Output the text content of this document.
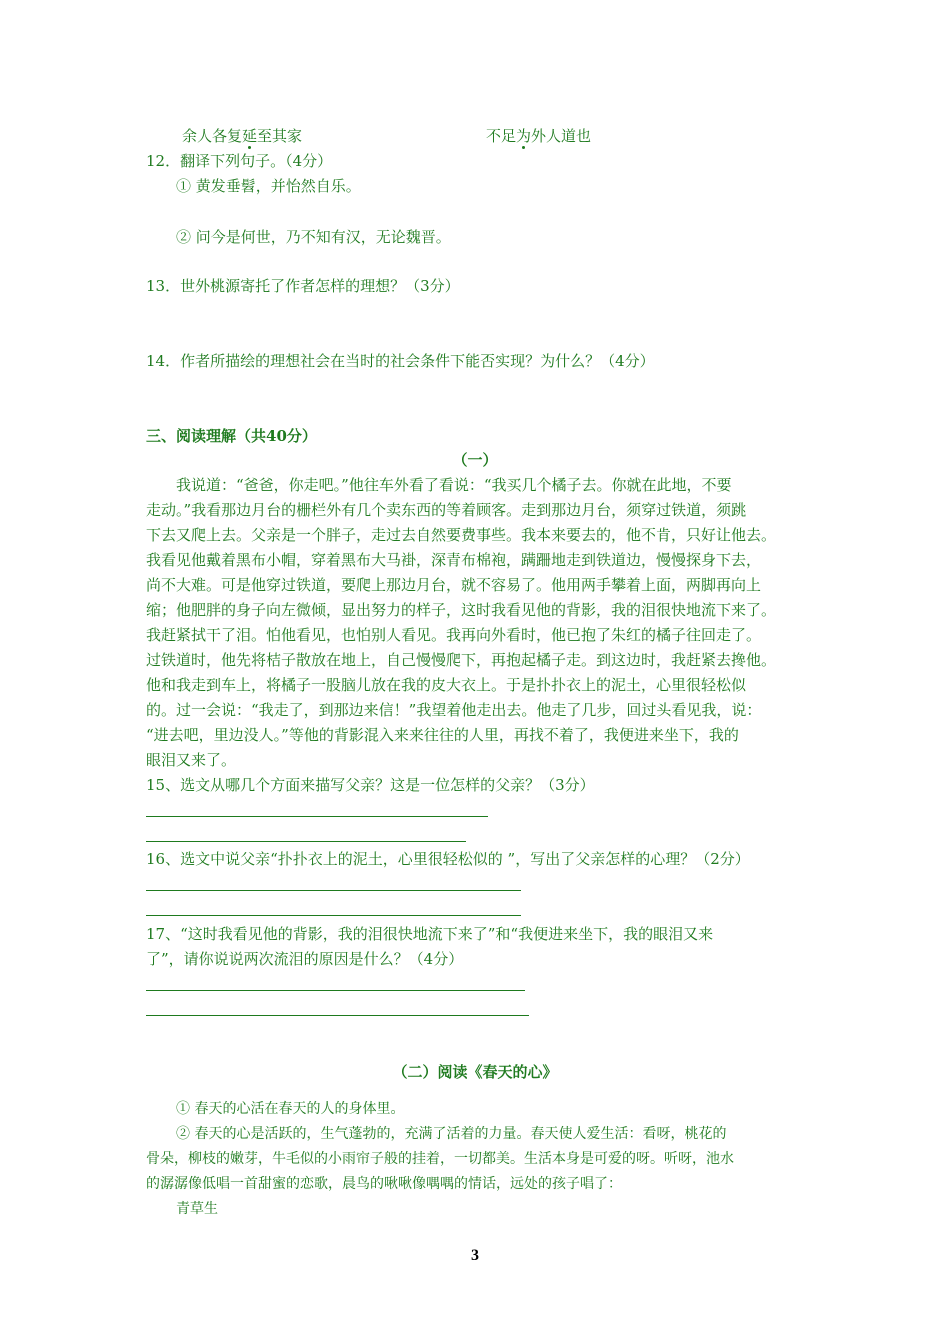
余人各复延至其家	不足为外人道也
12．翻译下列句子。（4分）
① 黄发垂髫，并怡然自乐。
② 问今是何世，乃不知有汉，无论魏晋。
13．世外桃源寄托了作者怎样的理想？（3分）
14．作者所描绘的理想社会在当时的社会条件下能否实现？为什么？（4分）
三、阅读理解（共40分）
（一）
我说道：“爸爸，你走吧。”他往车外看了看说：“我买几个橘子去。你就在此地，不要
走动。”我看那边月台的栅栏外有几个卖东西的等着顾客。走到那边月台，须穿过铁道，须跳
下去又爬上去。父亲是一个胖子，走过去自然要费事些。我本来要去的，他不肯，只好让他去。
我看见他戴着黑布小帽，穿着黑布大马褂，深青布棉袍，蹒跚地走到铁道边，慢慢探身下去，
尚不大难。可是他穿过铁道，要爬上那边月台，就不容易了。他用两手攀着上面，两脚再向上
缩；他肥胖的身子向左微倾，显出努力的样子，这时我看见他的背影，我的泪很快地流下来了。
我赶紧拭干了泪。怕他看见，也怕别人看见。我再向外看时，他已抱了朱红的橘子往回走了。
过铁道时，他先将桔子散放在地上，自己慢慢爬下，再抱起橘子走。到这边时，我赶紧去搀他。
他和我走到车上，将橘子一股脑儿放在我的皮大衣上。于是扑扑衣上的泥土，心里很轻松似
的。过一会说：“我走了，到那边来信！”我望着他走出去。他走了几步，回过头看见我，说：
“进去吧，里边没人。”等他的背影混入来来往往的人里，再找不着了，我便进来坐下，我的
眼泪又来了。
15、选文从哪几个方面来描写父亲？这是一位怎样的父亲？（3分）
16、选文中说父亲“扑扑衣上的泥土，心里很轻松似的 ”，写出了父亲怎样的心理？（2分）
17、“这时我看见他的背影，我的泪很快地流下来了”和“我便进来坐下，我的眼泪又来
了”，请你说说两次流泪的原因是什么？（4分）
（二）阅读《春天的心》
① 春天的心活在春天的人的身体里。
② 春天的心是活跃的，生气蓬勃的，充满了活着的力量。春天使人爱生活：看呀，桃花的
骨朵，柳枝的嫩芽，牛毛似的小雨帘子般的挂着，一切都美。生活本身是可爱的呀。听呀，池水
的潺潺像低唱一首甜蜜的恋歌，晨鸟的啾啾像喁喁的情话，远处的孩子唱了：
青草生
3
